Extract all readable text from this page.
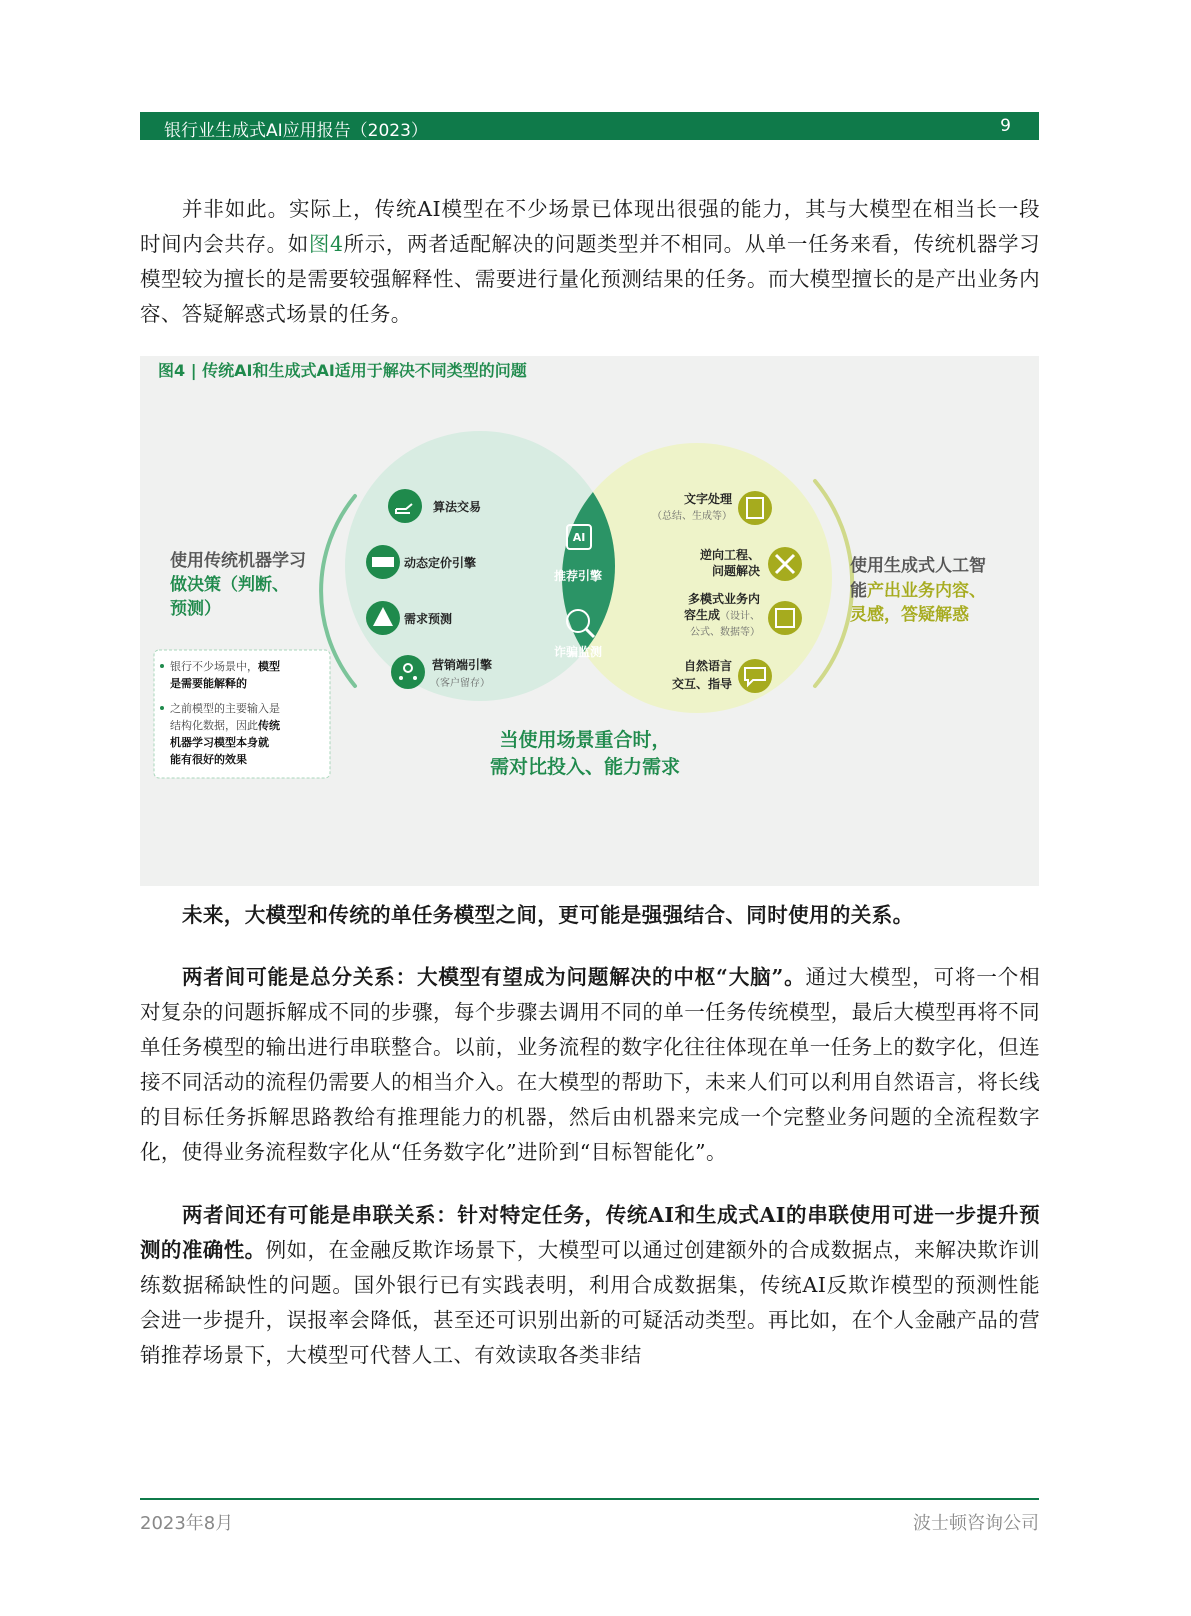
银行业生成式AI应用报告（2023）	9

并非如此。实际上，传统AI模型在不少场景已体现出很强的能力，其与大模型在相当长一段时间内会共存。如图4所示，两者适配解决的问题类型并不相同。从单一任务来看，传统机器学习模型较为擅长的是需要较强解释性、需要进行量化预测结果的任务。而大模型擅长的是产出业务内容、答疑解惑式场景的任务。

图4 | 传统AI和生成式AI适用于解决不同类型的问题
使用传统机器学习
做决策（判断、
预测）
银行不少场景中，模型
是需要能解释的
之前模型的主要输入是
结构化数据，因此传统
机器学习模型本身就
能有很好的效果
算法交易
动态定价引擎
需求预测
营销端引擎
（客户留存）
AI
推荐引擎
诈骗监测
文字处理
（总结、生成等）
逆向工程、
问题解决
多模式业务内
容生成（设计、
公式、数据等）
自然语言
交互、指导
使用生成式人工智
能产出业务内容、
灵感，答疑解惑
当使用场景重合时，
需对比投入、能力需求

未来，大模型和传统的单任务模型之间，更可能是强强结合、同时使用的关系。

两者间可能是总分关系：大模型有望成为问题解决的中枢“大脑”。通过大模型，可将一个相对复杂的问题拆解成不同的步骤，每个步骤去调用不同的单一任务传统模型，最后大模型再将不同单任务模型的输出进行串联整合。以前，业务流程的数字化往往体现在单一任务上的数字化，但连接不同活动的流程仍需要人的相当介入。在大模型的帮助下，未来人们可以利用自然语言，将长线的目标任务拆解思路教给有推理能力的机器，然后由机器来完成一个完整业务问题的全流程数字化，使得业务流程数字化从“任务数字化”进阶到“目标智能化”。

两者间还有可能是串联关系：针对特定任务，传统AI和生成式AI的串联使用可进一步提升预测的准确性。例如，在金融反欺诈场景下，大模型可以通过创建额外的合成数据点，来解决欺诈训练数据稀缺性的问题。国外银行已有实践表明，利用合成数据集，传统AI反欺诈模型的预测性能会进一步提升，误报率会降低，甚至还可识别出新的可疑活动类型。再比如，在个人金融产品的营销推荐场景下，大模型可代替人工、有效读取各类非结

2023年8月	波士顿咨询公司
